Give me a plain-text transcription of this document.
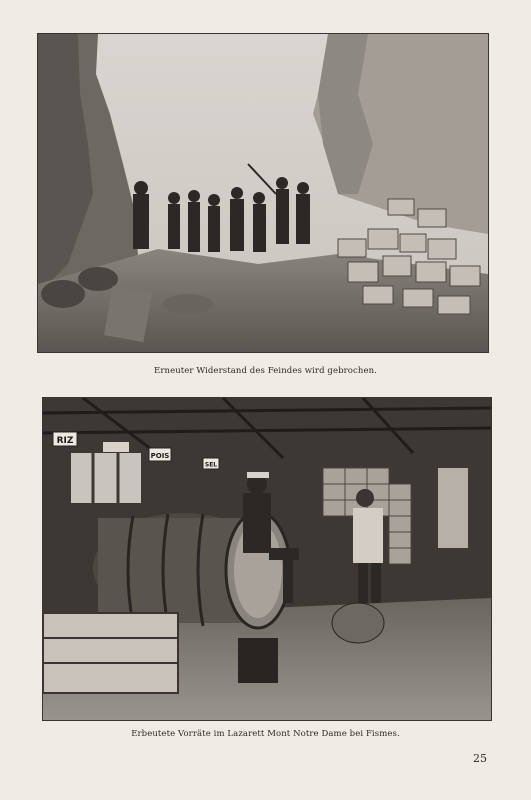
Erneuter Widerstand des Feindes wird gebrochen.
RIZ
POIS
SEL
Erbeutete Vorräte im Lazarett Mont Notre Dame bei Fismes.
25
